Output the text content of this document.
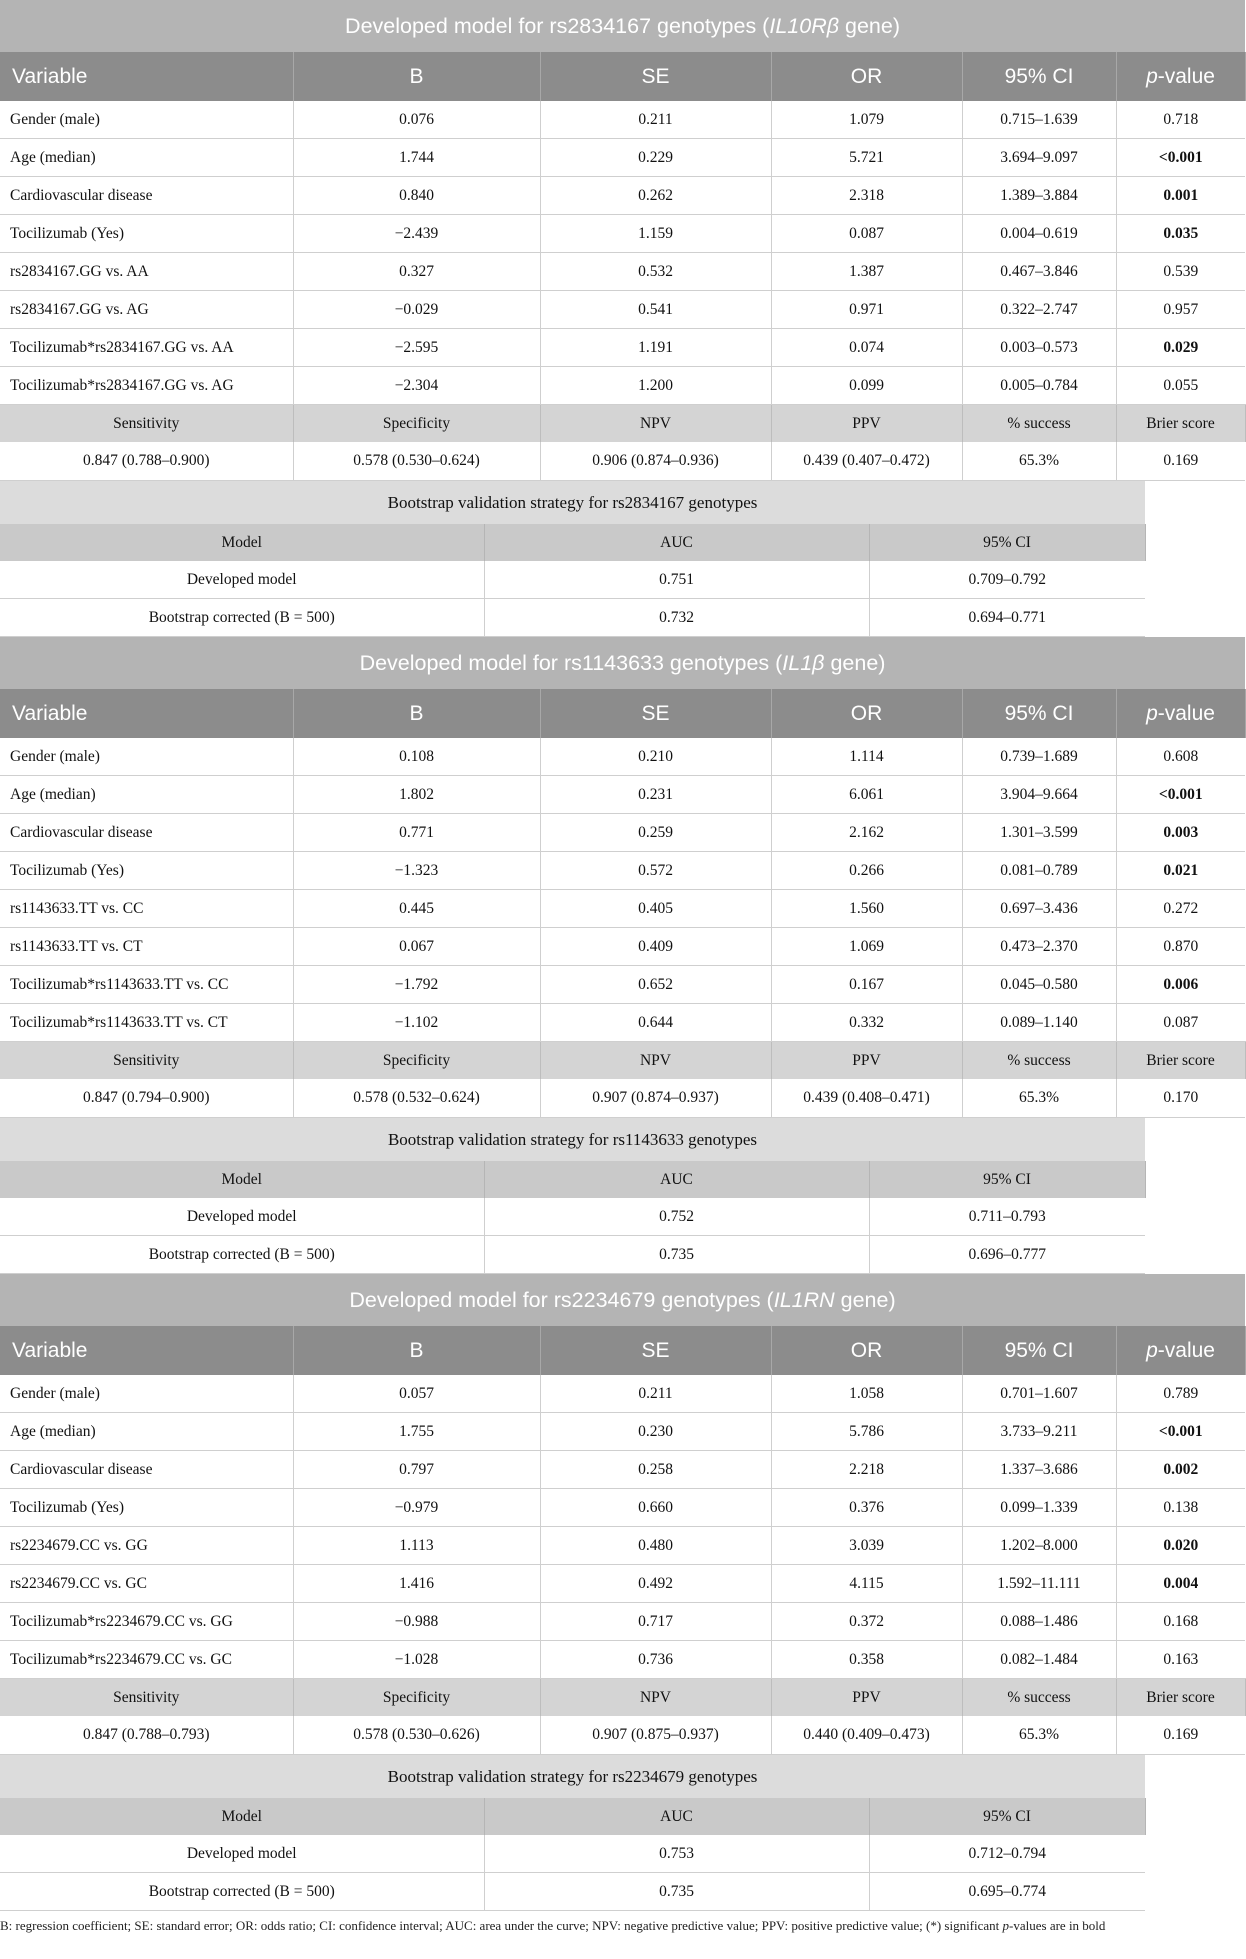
Developed model for rs2834167 genotypes (IL10Rβ gene)					
Variable	B	SE	OR	95% CI	p-value
Gender (male)	0.076	0.211	1.079	0.715–1.639	0.718
Age (median)	1.744	0.229	5.721	3.694–9.097	<0.001
Cardiovascular disease	0.840	0.262	2.318	1.389–3.884	0.001
Tocilizumab (Yes)	−2.439	1.159	0.087	0.004–0.619	0.035
rs2834167.GG vs. AA	0.327	0.532	1.387	0.467–3.846	0.539
rs2834167.GG vs. AG	−0.029	0.541	0.971	0.322–2.747	0.957
Tocilizumab*rs2834167.GG vs. AA	−2.595	1.191	0.074	0.003–0.573	0.029
Tocilizumab*rs2834167.GG vs. AG	−2.304	1.200	0.099	0.005–0.784	0.055
Sensitivity	Specificity	NPV	PPV	% success	Brier score
0.847 (0.788–0.900)	0.578 (0.530–0.624)	0.906 (0.874–0.936)	0.439 (0.407–0.472)	65.3%	0.169
Bootstrap validation strategy for rs2834167 genotypes		
Model	AUC	95% CI
Developed model	0.751	0.709–0.792
Bootstrap corrected (B = 500)	0.732	0.694–0.771
Developed model for rs1143633 genotypes (IL1β gene)					
Variable	B	SE	OR	95% CI	p-value
Gender (male)	0.108	0.210	1.114	0.739–1.689	0.608
Age (median)	1.802	0.231	6.061	3.904–9.664	<0.001
Cardiovascular disease	0.771	0.259	2.162	1.301–3.599	0.003
Tocilizumab (Yes)	−1.323	0.572	0.266	0.081–0.789	0.021
rs1143633.TT vs. CC	0.445	0.405	1.560	0.697–3.436	0.272
rs1143633.TT vs. CT	0.067	0.409	1.069	0.473–2.370	0.870
Tocilizumab*rs1143633.TT vs. CC	−1.792	0.652	0.167	0.045–0.580	0.006
Tocilizumab*rs1143633.TT vs. CT	−1.102	0.644	0.332	0.089–1.140	0.087
Sensitivity	Specificity	NPV	PPV	% success	Brier score
0.847 (0.794–0.900)	0.578 (0.532–0.624)	0.907 (0.874–0.937)	0.439 (0.408–0.471)	65.3%	0.170
Bootstrap validation strategy for rs1143633 genotypes		
Model	AUC	95% CI
Developed model	0.752	0.711–0.793
Bootstrap corrected (B = 500)	0.735	0.696–0.777
Developed model for rs2234679 genotypes (IL1RN gene)					
Variable	B	SE	OR	95% CI	p-value
Gender (male)	0.057	0.211	1.058	0.701–1.607	0.789
Age (median)	1.755	0.230	5.786	3.733–9.211	<0.001
Cardiovascular disease	0.797	0.258	2.218	1.337–3.686	0.002
Tocilizumab (Yes)	−0.979	0.660	0.376	0.099–1.339	0.138
rs2234679.CC vs. GG	1.113	0.480	3.039	1.202–8.000	0.020
rs2234679.CC vs. GC	1.416	0.492	4.115	1.592–11.111	0.004
Tocilizumab*rs2234679.CC vs. GG	−0.988	0.717	0.372	0.088–1.486	0.168
Tocilizumab*rs2234679.CC vs. GC	−1.028	0.736	0.358	0.082–1.484	0.163
Sensitivity	Specificity	NPV	PPV	% success	Brier score
0.847 (0.788–0.793)	0.578 (0.530–0.626)	0.907 (0.875–0.937)	0.440 (0.409–0.473)	65.3%	0.169
Bootstrap validation strategy for rs2234679 genotypes		
Model	AUC	95% CI
Developed model	0.753	0.712–0.794
Bootstrap corrected (B = 500)	0.735	0.695–0.774
B: regression coefficient; SE: standard error; OR: odds ratio; CI: confidence interval; AUC: area under the curve; NPV: negative predictive value; PPV: positive predictive value; (*) significant p-values are in bold
